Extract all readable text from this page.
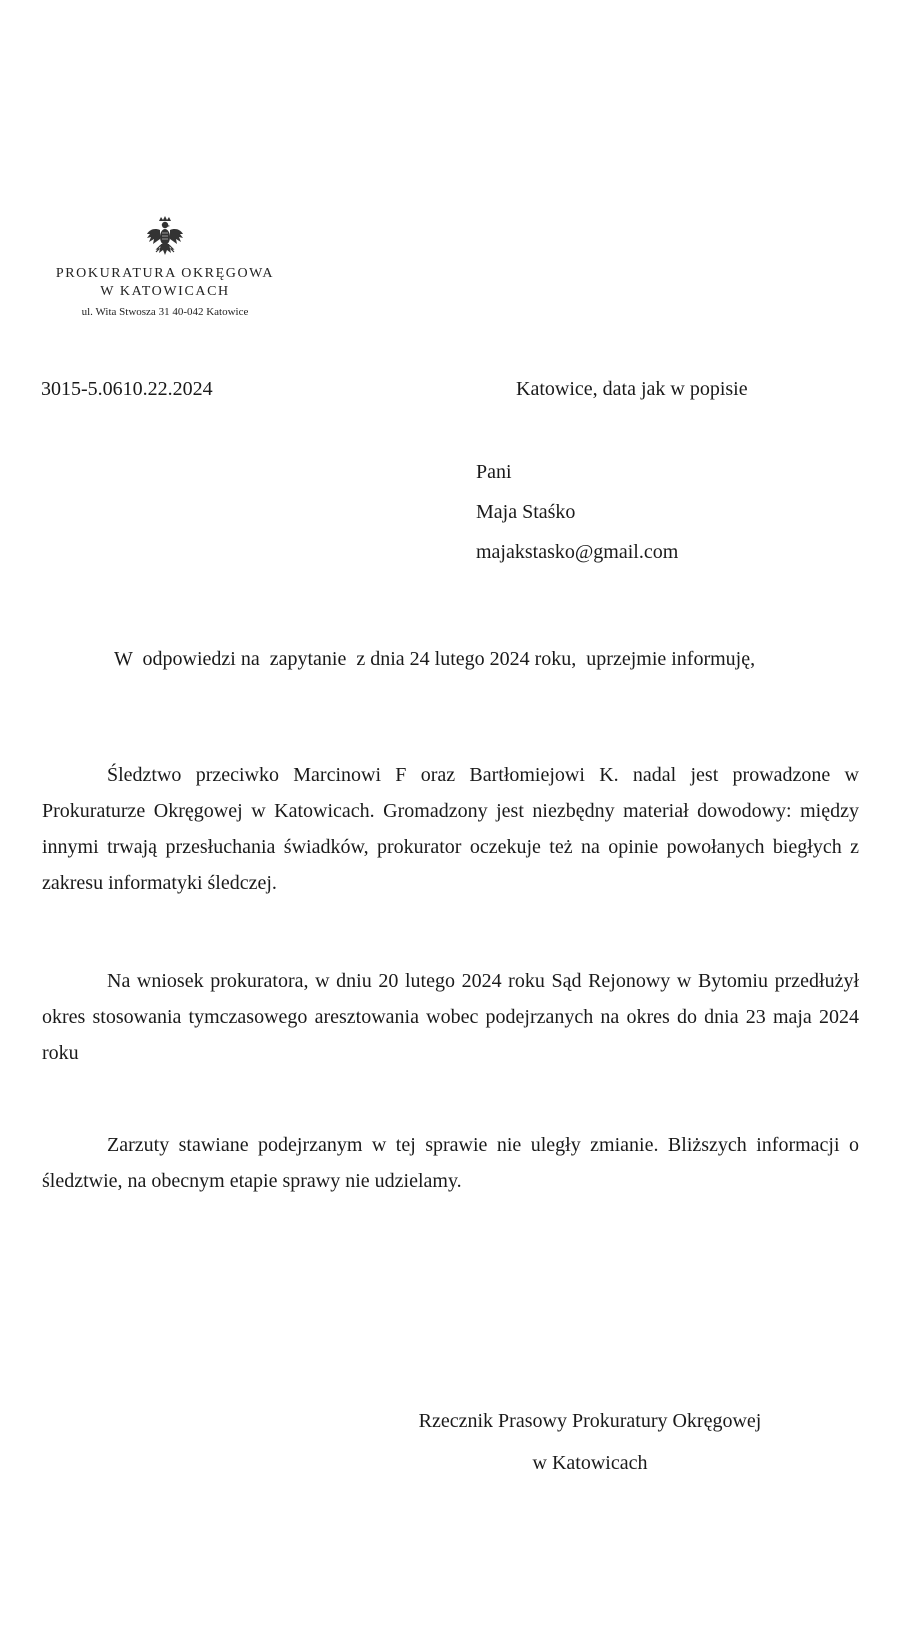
PROKURATURA OKRĘGOWA
W KATOWICACH
ul. Wita Stwosza 31 40-042 Katowice
3015-5.0610.22.2024	Katowice, data jak w popisie
Pani
Maja Staśko
majakstasko@gmail.com
W  odpowiedzi na  zapytanie  z dnia 24 lutego 2024 roku,  uprzejmie informuję,
Śledztwo przeciwko Marcinowi F oraz Bartłomiejowi K. nadal jest prowadzone w Prokuraturze Okręgowej w Katowicach. Gromadzony jest niezbędny materiał dowodowy: między innymi trwają przesłuchania świadków, prokurator oczekuje też na opinie powołanych biegłych z zakresu informatyki śledczej.
Na wniosek prokuratora, w dniu 20 lutego 2024 roku Sąd Rejonowy w Bytomiu przedłużył okres stosowania tymczasowego aresztowania wobec podejrzanych na okres do dnia 23 maja 2024 roku
Zarzuty stawiane podejrzanym w tej sprawie nie uległy zmianie. Bliższych informacji o śledztwie, na obecnym etapie sprawy nie udzielamy.
Rzecznik Prasowy Prokuratury Okręgowej
w Katowicach
